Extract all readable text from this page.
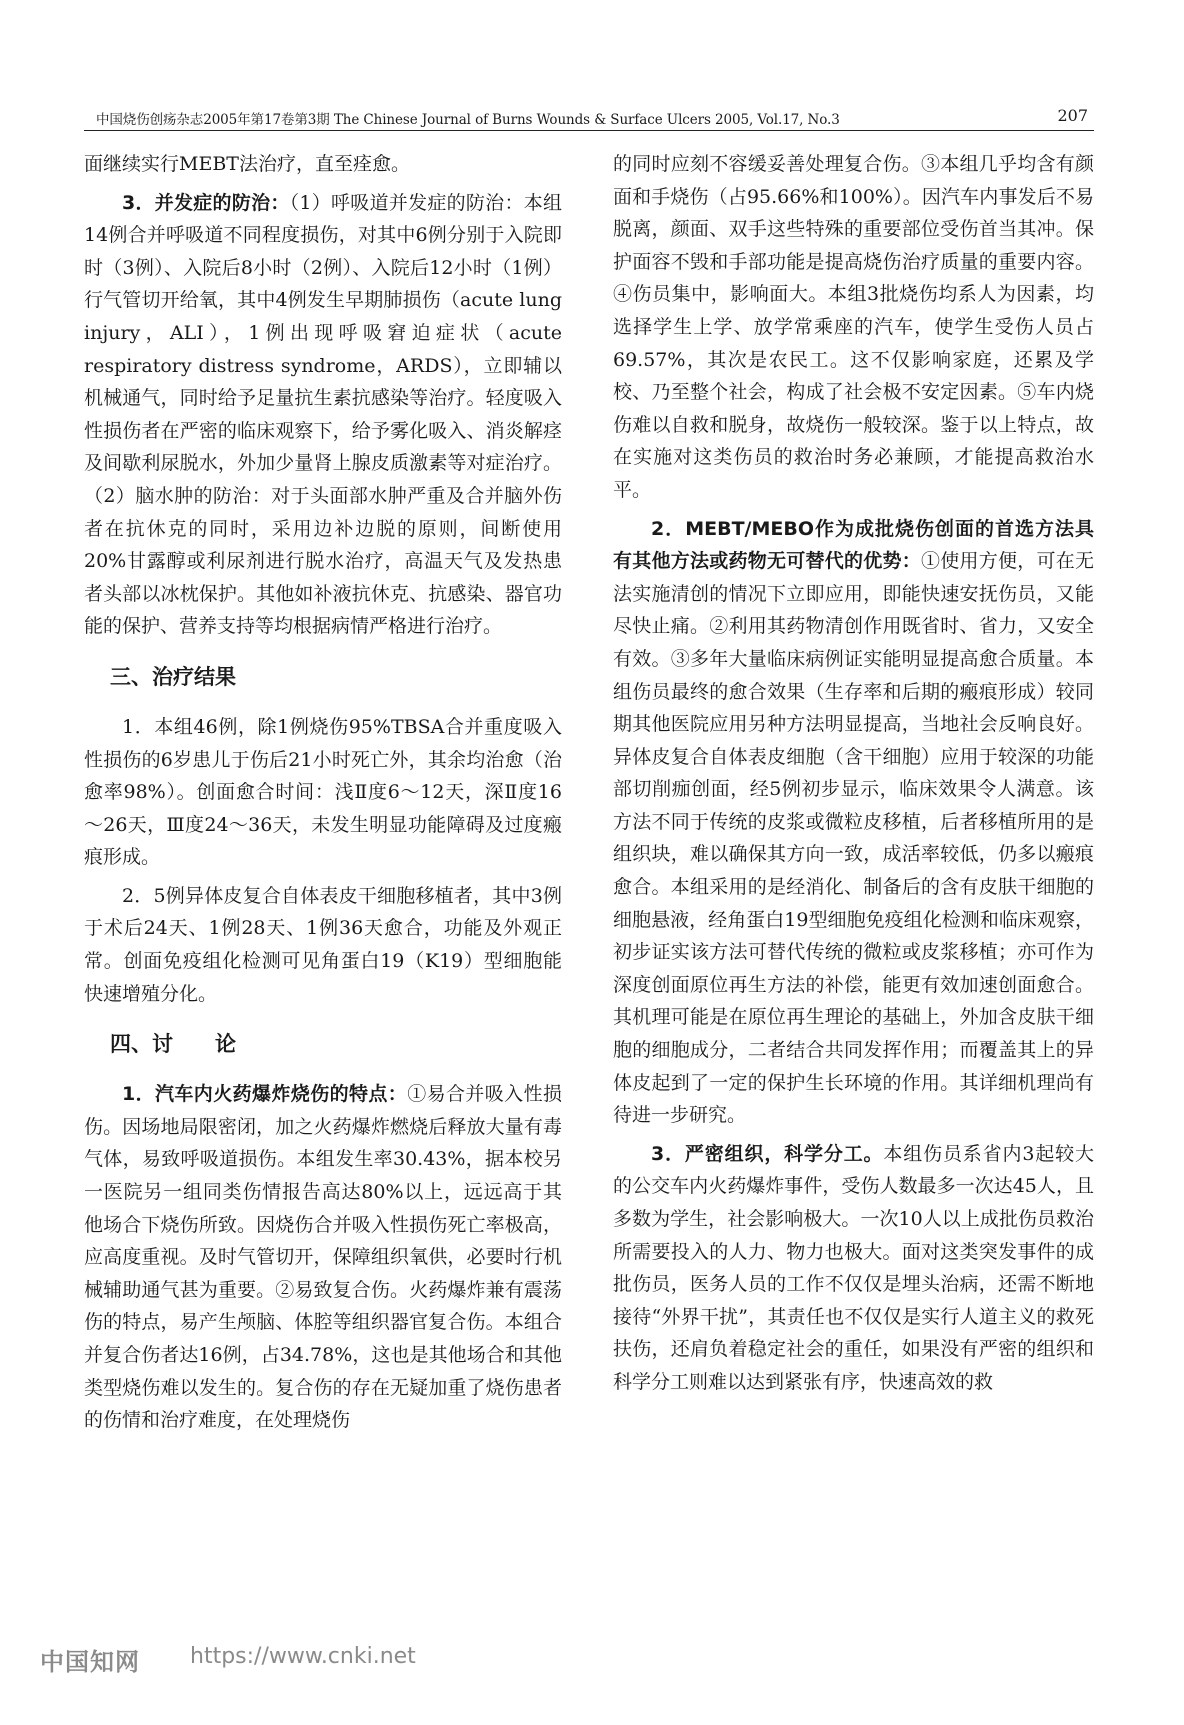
中国烧伤创疡杂志2005年第17卷第3期 The Chinese Journal of Burns Wounds & Surface Ulcers 2005, Vol.17, No.3	207

面继续实行MEBT法治疗，直至痊愈。

3．并发症的防治：（1）呼吸道并发症的防治：本组14例合并呼吸道不同程度损伤，对其中6例分别于入院即时（3例）、入院后8小时（2例）、入院后12小时（1例）行气管切开给氧，其中4例发生早期肺损伤（acute lung injury，ALI），1例出现呼吸窘迫症状（acute respiratory distress syndrome，ARDS），立即辅以机械通气，同时给予足量抗生素抗感染等治疗。轻度吸入性损伤者在严密的临床观察下，给予雾化吸入、消炎解痉及间歇利尿脱水，外加少量肾上腺皮质激素等对症治疗。（2）脑水肿的防治：对于头面部水肿严重及合并脑外伤者在抗休克的同时，采用边补边脱的原则，间断使用20%甘露醇或利尿剂进行脱水治疗，高温天气及发热患者头部以冰枕保护。其他如补液抗休克、抗感染、器官功能的保护、营养支持等均根据病情严格进行治疗。

三、治疗结果

1．本组46例，除1例烧伤95%TBSA合并重度吸入性损伤的6岁患儿于伤后21小时死亡外，其余均治愈（治愈率98%）。创面愈合时间：浅Ⅱ度6～12天，深Ⅱ度16～26天，Ⅲ度24～36天，未发生明显功能障碍及过度瘢痕形成。

2．5例异体皮复合自体表皮干细胞移植者，其中3例于术后24天、1例28天、1例36天愈合，功能及外观正常。创面免疫组化检测可见角蛋白19（K19）型细胞能快速增殖分化。

四、讨　　论

1．汽车内火药爆炸烧伤的特点：①易合并吸入性损伤。因场地局限密闭，加之火药爆炸燃烧后释放大量有毒气体，易致呼吸道损伤。本组发生率30.43%，据本校另一医院另一组同类伤情报告高达80%以上，远远高于其他场合下烧伤所致。因烧伤合并吸入性损伤死亡率极高，应高度重视。及时气管切开，保障组织氧供，必要时行机械辅助通气甚为重要。②易致复合伤。火药爆炸兼有震荡伤的特点，易产生颅脑、体腔等组织器官复合伤。本组合并复合伤者达16例，占34.78%，这也是其他场合和其他类型烧伤难以发生的。复合伤的存在无疑加重了烧伤患者的伤情和治疗难度，在处理烧伤

的同时应刻不容缓妥善处理复合伤。③本组几乎均含有颜面和手烧伤（占95.66%和100%）。因汽车内事发后不易脱离，颜面、双手这些特殊的重要部位受伤首当其冲。保护面容不毁和手部功能是提高烧伤治疗质量的重要内容。④伤员集中，影响面大。本组3批烧伤均系人为因素，均选择学生上学、放学常乘座的汽车，使学生受伤人员占69.57%，其次是农民工。这不仅影响家庭，还累及学校、乃至整个社会，构成了社会极不安定因素。⑤车内烧伤难以自救和脱身，故烧伤一般较深。鉴于以上特点，故在实施对这类伤员的救治时务必兼顾，才能提高救治水平。

2．MEBT/MEBO作为成批烧伤创面的首选方法具有其他方法或药物无可替代的优势：①使用方便，可在无法实施清创的情况下立即应用，即能快速安抚伤员，又能尽快止痛。②利用其药物清创作用既省时、省力，又安全有效。③多年大量临床病例证实能明显提高愈合质量。本组伤员最终的愈合效果（生存率和后期的瘢痕形成）较同期其他医院应用另种方法明显提高，当地社会反响良好。异体皮复合自体表皮细胞（含干细胞）应用于较深的功能部切削痂创面，经5例初步显示，临床效果令人满意。该方法不同于传统的皮浆或微粒皮移植，后者移植所用的是组织块，难以确保其方向一致，成活率较低，仍多以瘢痕愈合。本组采用的是经消化、制备后的含有皮肤干细胞的细胞悬液，经角蛋白19型细胞免疫组化检测和临床观察，初步证实该方法可替代传统的微粒或皮浆移植；亦可作为深度创面原位再生方法的补偿，能更有效加速创面愈合。其机理可能是在原位再生理论的基础上，外加含皮肤干细胞的细胞成分，二者结合共同发挥作用；而覆盖其上的异体皮起到了一定的保护生长环境的作用。其详细机理尚有待进一步研究。

3．严密组织，科学分工。本组伤员系省内3起较大的公交车内火药爆炸事件，受伤人数最多一次达45人，且多数为学生，社会影响极大。一次10人以上成批伤员救治所需要投入的人力、物力也极大。面对这类突发事件的成批伤员，医务人员的工作不仅仅是埋头治病，还需不断地接待“外界干扰”，其责任也不仅仅是实行人道主义的救死扶伤，还肩负着稳定社会的重任，如果没有严密的组织和科学分工则难以达到紧张有序，快速高效的救

中国知网 https://www.cnki.net
